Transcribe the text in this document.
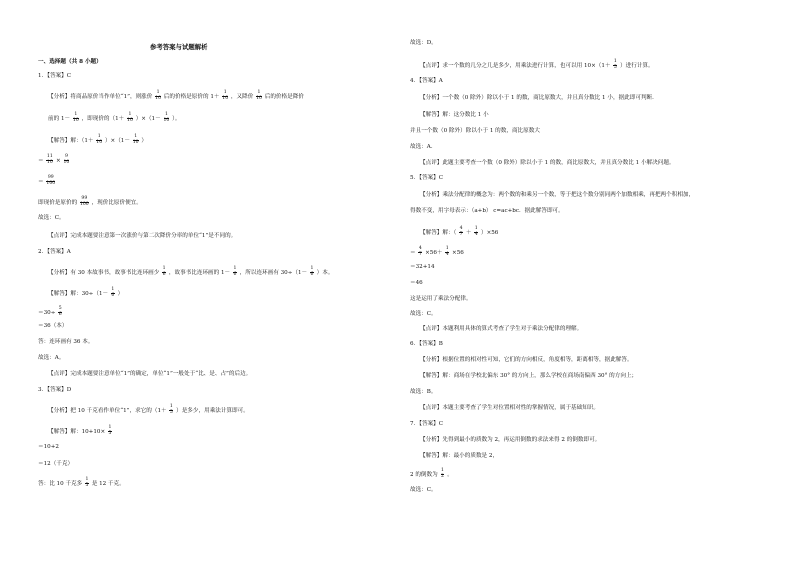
参考答案与试题解析
一、选择题（共 8 小题）
1．【答案】C
【分析】将商品原价当作单位“1”，则涨价 $\frac{1}{10}$ 后的价格是原价的 $1+ \frac{1}{10}$ ，又降价 $\frac{1}{10}$ 后的价格是降价
前的 $1- \frac{1}{10}$ ，即现价的$(1+ \frac{1}{10} )\times(1- \frac{1}{10}$ ）。
【解答】解：$(1+ \frac{1}{10} )\times(1- \frac{1}{10}$ ）
＝ $\frac{11}{10} \times \frac{9}{10}$
＝ $\frac{99}{100}$
即现价是原价的 $\frac{99}{100}$ ，现价比原价便宜。
故选：C。
【点评】完成本题要注意第一次涨价与第二次降价分率的单位“1”是不同的。
2．【答案】A
【分析】有 30 本故事书，故事书比连环画少 $\frac{1}{6}$ ，故事书比连环画的 $1- \frac{1}{6}$ ，所以连环画有 $30\div(1- \frac{1}{6}$ ）本。
【解答】解：$30\div(1- \frac{1}{6}$ ）
$=30\div \frac{5}{6}$
＝36（本）
答：连环画有 36 本。
故选：A。
【点评】完成本题要注意单位“1”的确定，单位“1”一般处于“比、是、占”的后边。
3．【答案】D
【分析】把 10 千克看作单位“1”，求它的（$1+ \frac{1}{5}$ ）是多少，用乘法计算即可。
【解答】解：$10+10\times \frac{1}{5}$
＝10+2
＝12（千克）
答：比 10 千克多 $\frac{1}{5}$ 是 12 千克。
故选：D。
【点评】求一个数的几分之几是多少，用乘法进行计算，也可以用 $10\times(1+ \frac{1}{5}$ ）进行计算。
4．【答案】A
【分析】一个数（0 除外）除以小于 1 的数，商比原数大，并且真分数比 1 小，据此即可判断．
【解答】解：这分数比 1 小
并且一个数（0 除外）除以小于 1 的数，商比原数大
故选：A．
【点评】此题主要考查一个数（0 除外）除以小于 1 的数，商比原数大，并且真分数比 1 小解决问题。
5．【答案】C
【分析】乘法分配律的概念为：两个数的和乘另一个数，等于把这个数分别同两个加数相乘，再把两个积相加，
得数不变，用字母表示：（a+b） c=ac+bc．据此解答即可。
【解答】解：（ $\frac{4}{7} + \frac{1}{4} )\times 56$
＝ $\frac{4}{7} \times 56+ \frac{1}{4} \times 56$
＝32+14
＝46
这是运用了乘法分配律。
故选：C。
【点评】本题利用具体的算式考查了学生对于乘法分配律的理解。
6．【答案】B
【分析】根据位置的相对性可知，它们的方向相反，角度相等，距离相等，据此解答。
【解答】解：商场在学校北偏东 30° 的方向上，那么学校在商场南偏西 30° 的方向上；
故选：B。
【点评】本题主要考查了学生对位置相对性的掌握情况，属于基础知识。
7．【答案】C
【分析】先得到最小的质数为 2，再运用倒数的求法来得 2 的倒数即可。
【解答】解：最小的质数是 2，
2 的倒数为 $\frac{1}{2}$ 。
故选：C。
